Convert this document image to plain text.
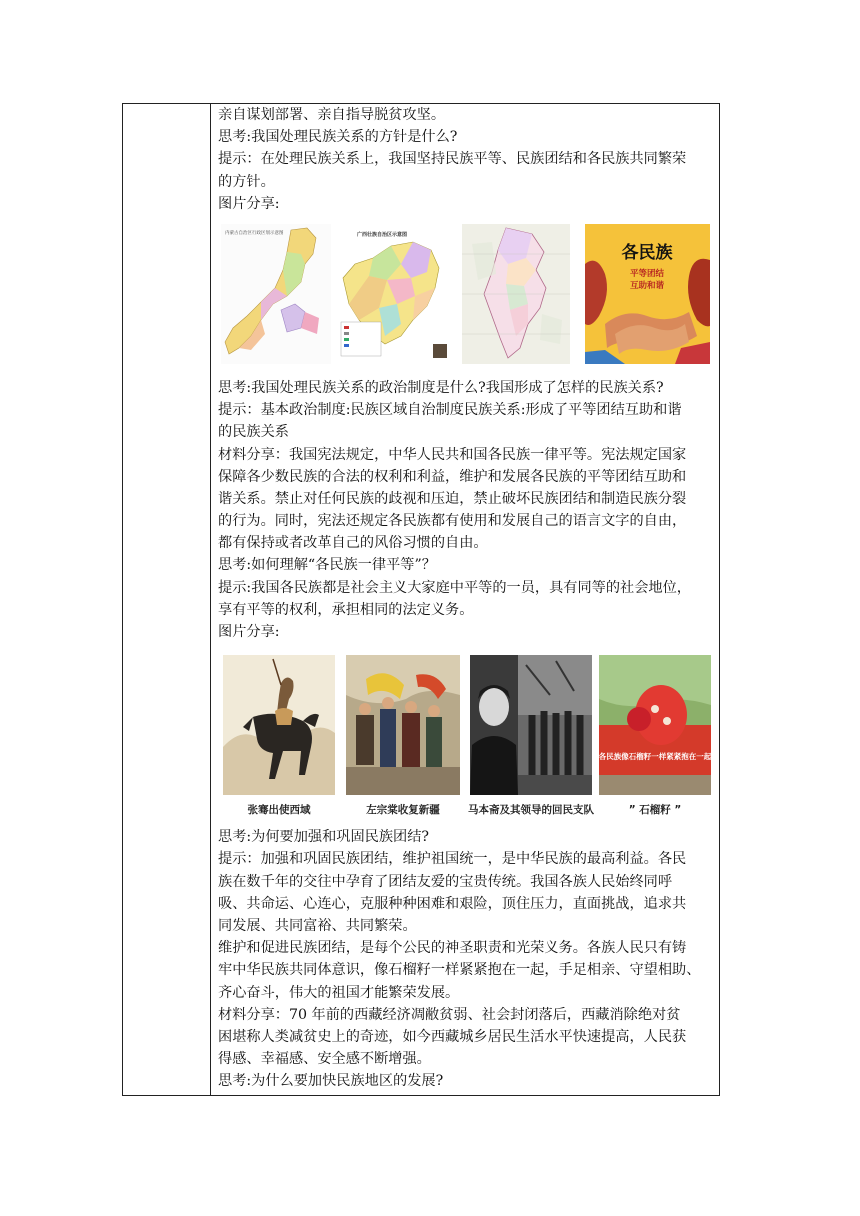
亲自谋划部署、亲自指导脱贫攻坚。
思考:我国处理民族关系的方针是什么?
提示：在处理民族关系上，我国坚持民族平等、民族团结和各民族共同繁荣
的方针。
图片分享:
内蒙古自治区行政区划示意图	广西壮族自治区示意图
各民族
平等团结
互助和谐
思考:我国处理民族关系的政治制度是什么?我国形成了怎样的民族关系?
提示：基本政治制度:民族区域自治制度民族关系:形成了平等团结互助和谐
的民族关系
材料分享：我国宪法规定，中华人民共和国各民族一律平等。宪法规定国家
保障各少数民族的合法的权利和利益，维护和发展各民族的平等团结互助和
谐关系。禁止对任何民族的歧视和压迫，禁止破坏民族团结和制造民族分裂
的行为。同时，宪法还规定各民族都有使用和发展自己的语言文字的自由，
都有保持或者改革自己的风俗习惯的自由。
思考:如何理解“各民族一律平等”？
提示:我国各民族都是社会主义大家庭中平等的一员，具有同等的社会地位，
享有平等的权利，承担相同的法定义务。
图片分享:
各民族像石榴籽一样紧紧抱在一起
张骞出使西域	左宗棠收复新疆	马本斋及其领导的回民支队	” 石榴籽 ”
思考:为何要加强和巩固民族团结?
提示：加强和巩固民族团结，维护祖国统一，是中华民族的最高利益。各民
族在数千年的交往中孕育了团结友爱的宝贵传统。我国各族人民始终同呼
吸、共命运、心连心，克服种种困难和艰险，顶住压力，直面挑战，追求共
同发展、共同富裕、共同繁荣。
维护和促进民族团结，是每个公民的神圣职责和光荣义务。各族人民只有铸
牢中华民族共同体意识，像石榴籽一样紧紧抱在一起，手足相亲、守望相助、
齐心奋斗，伟大的祖国才能繁荣发展。
材料分享：70 年前的西藏经济凋敝贫弱、社会封闭落后，西藏消除绝对贫
困堪称人类减贫史上的奇迹，如今西藏城乡居民生活水平快速提高，人民获
得感、幸福感、安全感不断增强。
思考:为什么要加快民族地区的发展?
